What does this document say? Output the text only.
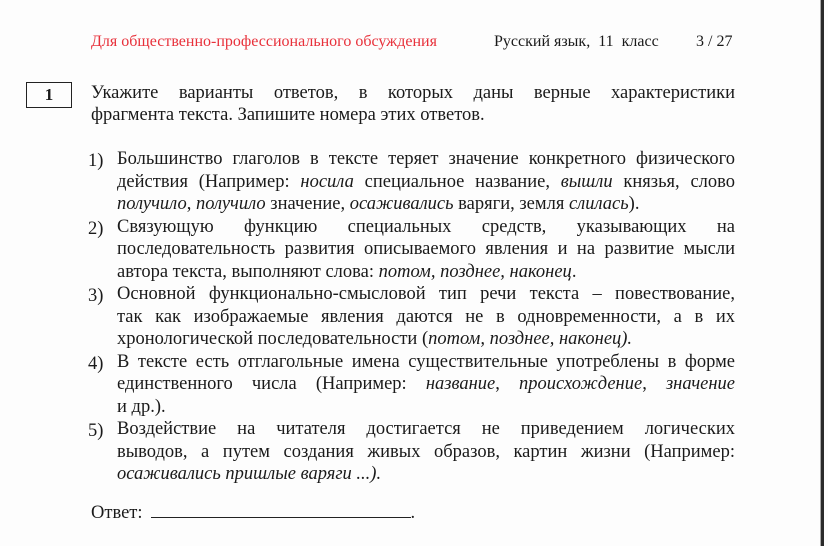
Для общественно-профессионального обсуждения	Русский язык,  11  класс 3 / 27
1	Укажите варианты ответов, в которых даны верные характеристики
фрагмента текста. Запишите номера этих ответов.
1) Большинство глаголов в тексте теряет значение конкретного физического
действия (Например: носила специальное название, вышли князья, слово
получило, получило значение, осаживались варяги, земля слилась).
2) Связующую функцию специальных средств, указывающих на
последовательность развития описываемого явления и на развитие мысли
автора текста, выполняют слова: потом, позднее, наконец.
3) Основной функционально-смысловой тип речи текста – повествование,
так как изображаемые явления даются не в одновременности, а в их
хронологической последовательности (потом, позднее, наконец).
4) В тексте есть отглагольные имена существительные употреблены в форме
единственного числа (Например: название, происхождение, значение
и др.).
5) Воздействие на читателя достигается не приведением логических
выводов, а путем создания живых образов, картин жизни (Например:
осаживались пришлые варяги ...).
Ответ:	.
